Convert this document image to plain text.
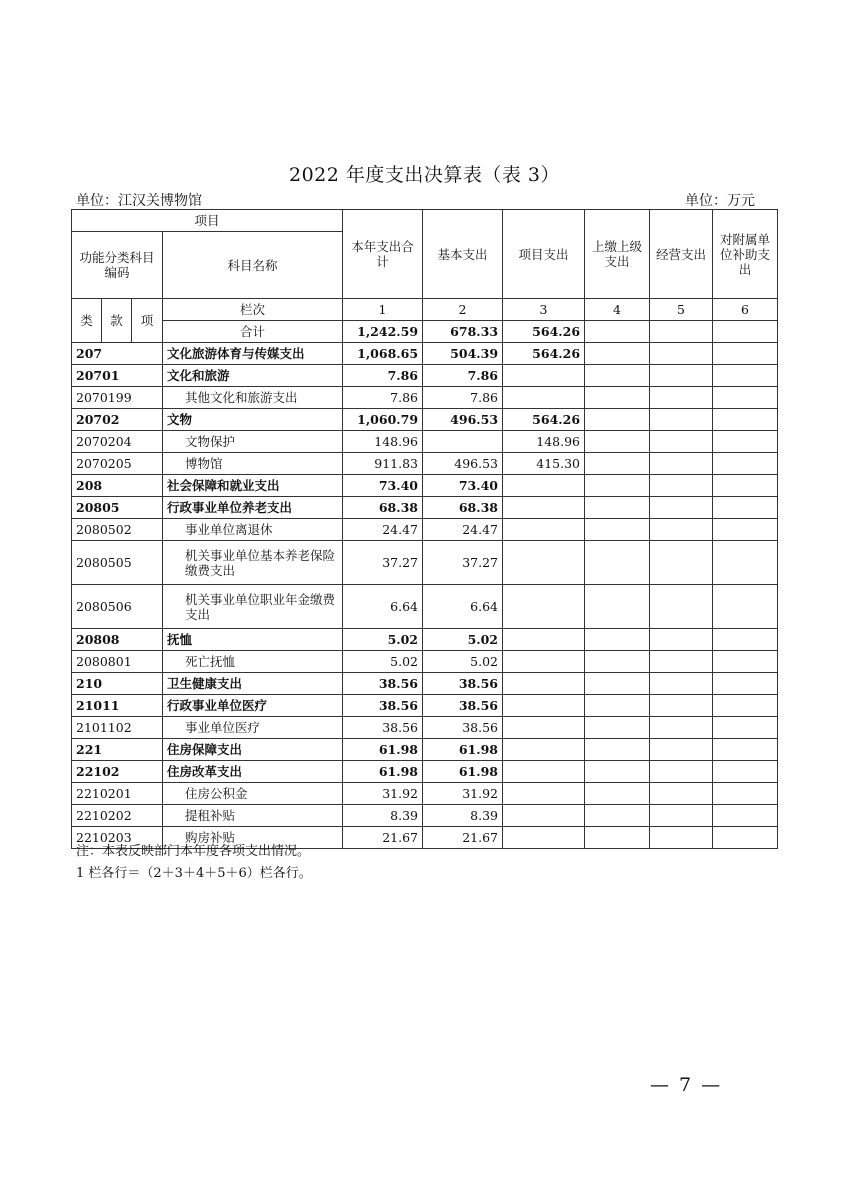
2022 年度支出决算表（表 3）
单位：江汉关博物馆	单位：万元
项目				本年支出合计	基本支出	项目支出	上缴上级支出	经营支出	对附属单位补助支出
功能分类科目编码			科目名称						

类	款	项	栏次	1	2	3	4	5	6
			合计	1,242.59	678.33	564.26			
207			文化旅游体育与传媒支出	1,068.65	504.39	564.26			
20701			文化和旅游	7.86	7.86				
2070199			其他文化和旅游支出	7.86	7.86				
20702			文物	1,060.79	496.53	564.26			
2070204			文物保护	148.96		148.96			
2070205			博物馆	911.83	496.53	415.30			
208			社会保障和就业支出	73.40	73.40				
20805			行政事业单位养老支出	68.38	68.38				
2080502			事业单位离退休	24.47	24.47				
2080505			机关事业单位基本养老保险缴费支出	37.27	37.27				
2080506			机关事业单位职业年金缴费支出	6.64	6.64				
20808			抚恤	5.02	5.02				
2080801			死亡抚恤	5.02	5.02				
210			卫生健康支出	38.56	38.56				
21011			行政事业单位医疗	38.56	38.56				
2101102			事业单位医疗	38.56	38.56				
221			住房保障支出	61.98	61.98				
22102			住房改革支出	61.98	61.98				
2210201			住房公积金	31.92	31.92				
2210202			提租补贴	8.39	8.39				
2210203			购房补贴	21.67	21.67				
注：本表反映部门本年度各项支出情况。
1 栏各行＝（2＋3＋4＋5＋6）栏各行。
— 7 —
